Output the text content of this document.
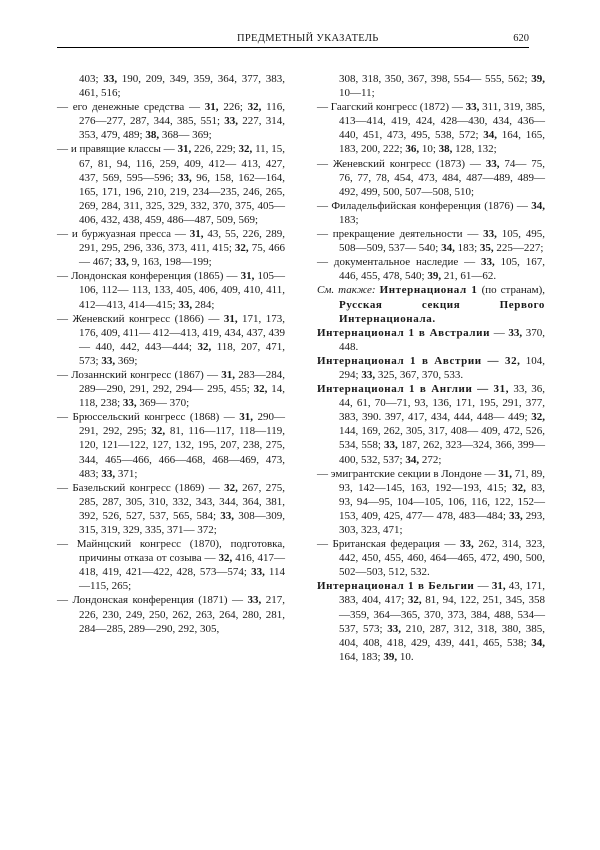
ПРЕДМЕТНЫЙ УКАЗАТЕЛЬ	620
403; 33, 190, 209, 349, 359, 364, 377, 383, 461, 516;
— его денежные средства — 31, 226; 32, 116, 276—277, 287, 344, 385, 551; 33, 227, 314, 353, 479, 489; 38, 368— 369;
— и правящие классы — 31, 226, 229; 32, 11, 15, 67, 81, 94, 116, 259, 409, 412— 413, 427, 437, 569, 595—596; 33, 96, 158, 162—164, 165, 171, 196, 210, 219, 234—235, 246, 265, 269, 284, 311, 325, 329, 332, 370, 375, 405—406, 432, 438, 459, 486—487, 509, 569;
— и буржуазная пресса — 31, 43, 55, 226, 289, 291, 295, 296, 336, 373, 411, 415; 32, 75, 466— 467; 33, 9, 163, 198—199;
— Лондонская конференция (1865) — 31, 105—106, 112— 113, 133, 405, 406, 409, 410, 411, 412—413, 414—415; 33, 284;
— Женевский конгресс (1866) — 31, 171, 173, 176, 409, 411— 412—413, 419, 434, 437, 439— 440, 442, 443—444; 32, 118, 207, 471, 573; 33, 369;
— Лозаннский конгресс (1867) — 31, 283—284, 289—290, 291, 292, 294— 295, 455; 32, 14, 118, 238; 33, 369— 370;
— Брюссельский конгресс (1868) — 31, 290—291, 292, 295; 32, 81, 116—117, 118—119, 120, 121—122, 127, 132, 195, 207, 238, 275, 344, 465—466, 466—468, 468—469, 473, 483; 33, 371;
— Базельский конгресс (1869) — 32, 267, 275, 285, 287, 305, 310, 332, 343, 344, 364, 381, 392, 526, 527, 537, 565, 584; 33, 308—309, 315, 319, 329, 335, 371— 372;
— Майнцский конгресс (1870), подготовка, причины отказа от созыва — 32, 416, 417—418, 419, 421—422, 428, 573—574; 33, 114—115, 265;
— Лондонская конференция (1871) — 33, 217, 226, 230, 249, 250, 262, 263, 264, 280, 281, 284—285, 289—290, 292, 305,
308, 318, 350, 367, 398, 554— 555, 562; 39, 10—11;
— Гаагский конгресс (1872) — 33, 311, 319, 385, 413—414, 419, 424, 428—430, 434, 436—440, 451, 473, 495, 538, 572; 34, 164, 165, 183, 200, 222; 36, 10; 38, 128, 132;
— Женевский конгресс (1873) — 33, 74— 75, 76, 77, 78, 454, 473, 484, 487—489, 489—492, 499, 500, 507—508, 510;
— Филадельфийская конференция (1876) — 34, 183;
— прекращение деятельности — 33, 105, 495, 508—509, 537— 540; 34, 183; 35, 225—227;
— документальное наследие — 33, 105, 167, 446, 455, 478, 540; 39, 21, 61—62.
См. также: Интернационал 1 (по странам), Русская секция Первого Интернационала.
Интернационал 1 в Австралии — 33, 370, 448.
Интернационал 1 в Австрии — 32, 104, 294; 33, 325, 367, 370, 533.
Интернационал 1 в Англии — 31, 33, 36, 44, 61, 70—71, 93, 136, 171, 195, 291, 377, 383, 390. 397, 417, 434, 444, 448— 449; 32, 144, 169, 262, 305, 317, 408— 409, 472, 526, 534, 558; 33, 187, 262, 323—324, 366, 399—400, 532, 537; 34, 272;
— эмигрантские секции в Лондоне — 31, 71, 89, 93, 142—145, 163, 192—193, 415; 32, 83, 93, 94—95, 104—105, 106, 116, 122, 152—153, 409, 425, 477— 478, 483—484; 33, 293, 303, 323, 471;
— Британская федерация — 33, 262, 314, 323, 442, 450, 455, 460, 464—465, 472, 490, 500, 502—503, 512, 532.
Интернационал 1 в Бельгии — 31, 43, 171, 383, 404, 417; 32, 81, 94, 122, 251, 345, 358—359, 364—365, 370, 373, 384, 488, 534—537, 573; 33, 210, 287, 312, 318, 380, 385, 404, 408, 418, 429, 439, 441, 465, 538; 34, 164, 183; 39, 10.
